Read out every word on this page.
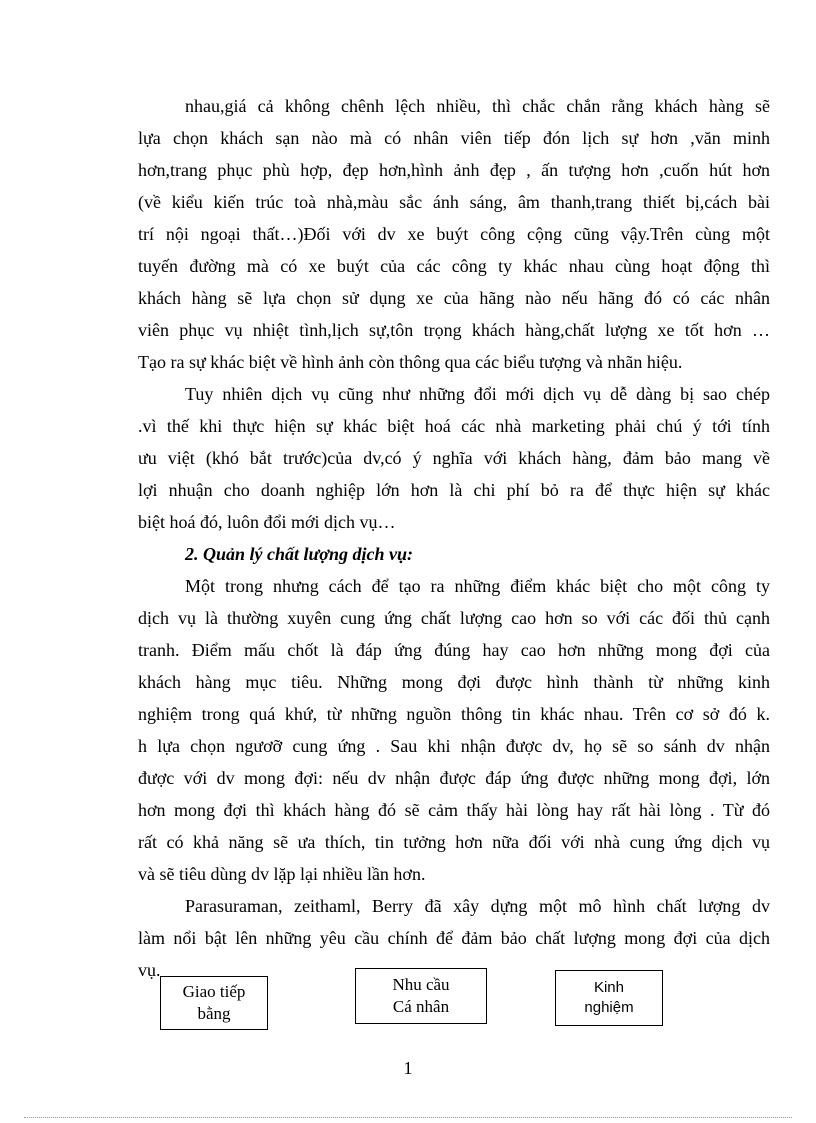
nhau,giá cả không chênh lệch nhiều, thì chắc chắn rằng khách hàng sẽ
lựa chọn khách sạn nào mà có nhân viên tiếp đón lịch sự hơn ,văn minh
hơn,trang phục phù hợp, đẹp hơn,hình ảnh đẹp , ấn tượng hơn ,cuốn hút hơn
(về kiểu kiến trúc toà nhà,màu sắc ánh sáng, âm thanh,trang thiết bị,cách bài
trí nội ngoại thất…)Đối với dv xe buýt công cộng cũng vậy.Trên cùng một
tuyến đường mà có xe buýt của các công ty khác nhau cùng hoạt động thì
khách hàng sẽ lựa chọn sử dụng xe của hãng nào nếu hãng đó có các nhân
viên phục vụ nhiệt tình,lịch sự,tôn trọng khách hàng,chất lượng xe tốt hơn …
Tạo ra sự khác biệt về hình ảnh còn thông qua các biểu tượng và nhãn hiệu.
Tuy nhiên dịch vụ cũng như những đổi mới dịch vụ dễ dàng bị sao chép
.vì thế khi thực hiện sự khác biệt hoá các nhà marketing phải chú ý tới tính
ưu việt (khó bắt trước)của dv,có ý nghĩa với khách hàng, đảm bảo mang về
lợi nhuận cho doanh nghiệp lớn hơn là chi phí bỏ ra để thực hiện sự khác
biệt hoá đó, luôn đổi mới dịch vụ…
2. Quản lý chất lượng dịch vụ:
Một trong nhưng cách để tạo ra những điểm khác biệt cho một công ty
dịch vụ là thường xuyên cung ứng chất lượng cao hơn so với các đối thủ cạnh
tranh. Điểm mấu chốt là đáp ứng đúng hay cao hơn những mong đợi của
khách hàng mục tiêu. Những mong đợi được hình thành từ những kinh
nghiệm trong quá khứ, từ những nguồn thông tin khác nhau. Trên cơ sở đó k.
h lựa chọn ngươỡ cung ứng . Sau khi nhận được dv, họ sẽ so sánh dv nhận
được với dv mong đợi: nếu dv nhận được đáp ứng được những mong đợi, lớn
hơn mong đợi thì khách hàng đó sẽ cảm thấy hài lòng hay rất hài lòng . Từ đó
rất có khả năng sẽ ưa thích, tin tưởng hơn nữa đối với nhà cung ứng dịch vụ
và sẽ tiêu dùng dv lặp lại nhiều lần hơn.
Parasuraman, zeithaml, Berry đã xây dựng một mô hình chất lượng dv
làm nổi bật lên những yêu cầu chính để đảm bảo chất lượng mong đợi của dịch
vụ.
Giao tiếp
bằng
Nhu cầu
Cá nhân
Kinh
nghiệm
1
